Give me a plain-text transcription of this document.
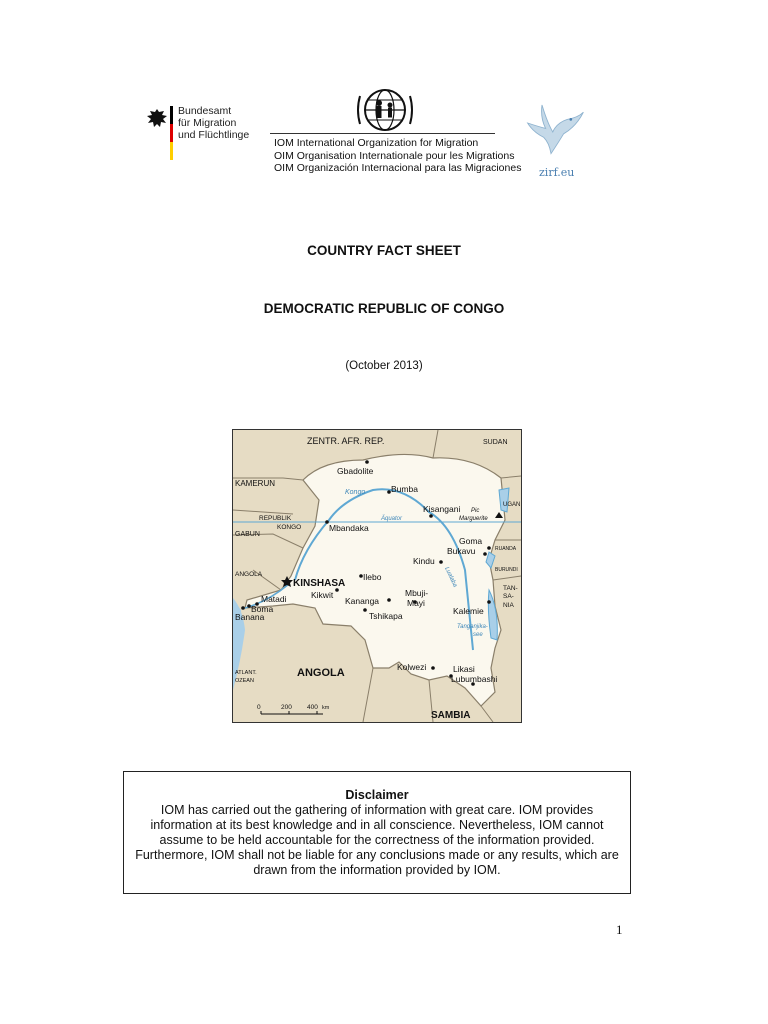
Bundesamt
für Migration
und Flüchtlinge
IOM International Organization for Migration
OIM Organisation Internationale pour les Migrations
OIM Organización Internacional para las Migraciones zirf.eu
COUNTRY FACT SHEET
DEMOCRATIC REPUBLIC OF CONGO
(October 2013)
ZENTR. AFR. REP.	SUDAN
KAMERUN
REPUBLIK
KONGO
GABUN
ANGOLA
ANGOLA
ATLANT.
OZEAN
UGAN
RUANDA
BURUNDI
TAN-
SA-
NIA
SAMBIA
Kongo
Äquator
Lualaba
Tanganjika-
see
Pic
Marguerite
Gbadolite
Bumba
Kisangani
Mbandaka
Goma
Bukavu
Kindu
KINSHASA
Ilebo
Kikwit
Kananga
Mbuji-
Mayi
Tshikapa
Matadi
Boma
Banana
Kalemie
Kolwezi	Likasi
Lubumbashi
0	200 400 km
Disclaimer
IOM has carried out the gathering of information with great care. IOM provides information at its best knowledge and in all conscience. Nevertheless, IOM cannot assume to be held accountable for the correctness of the information provided. Furthermore, IOM shall not be liable for any conclusions made or any results, which are drawn from the information provided by IOM.
1
